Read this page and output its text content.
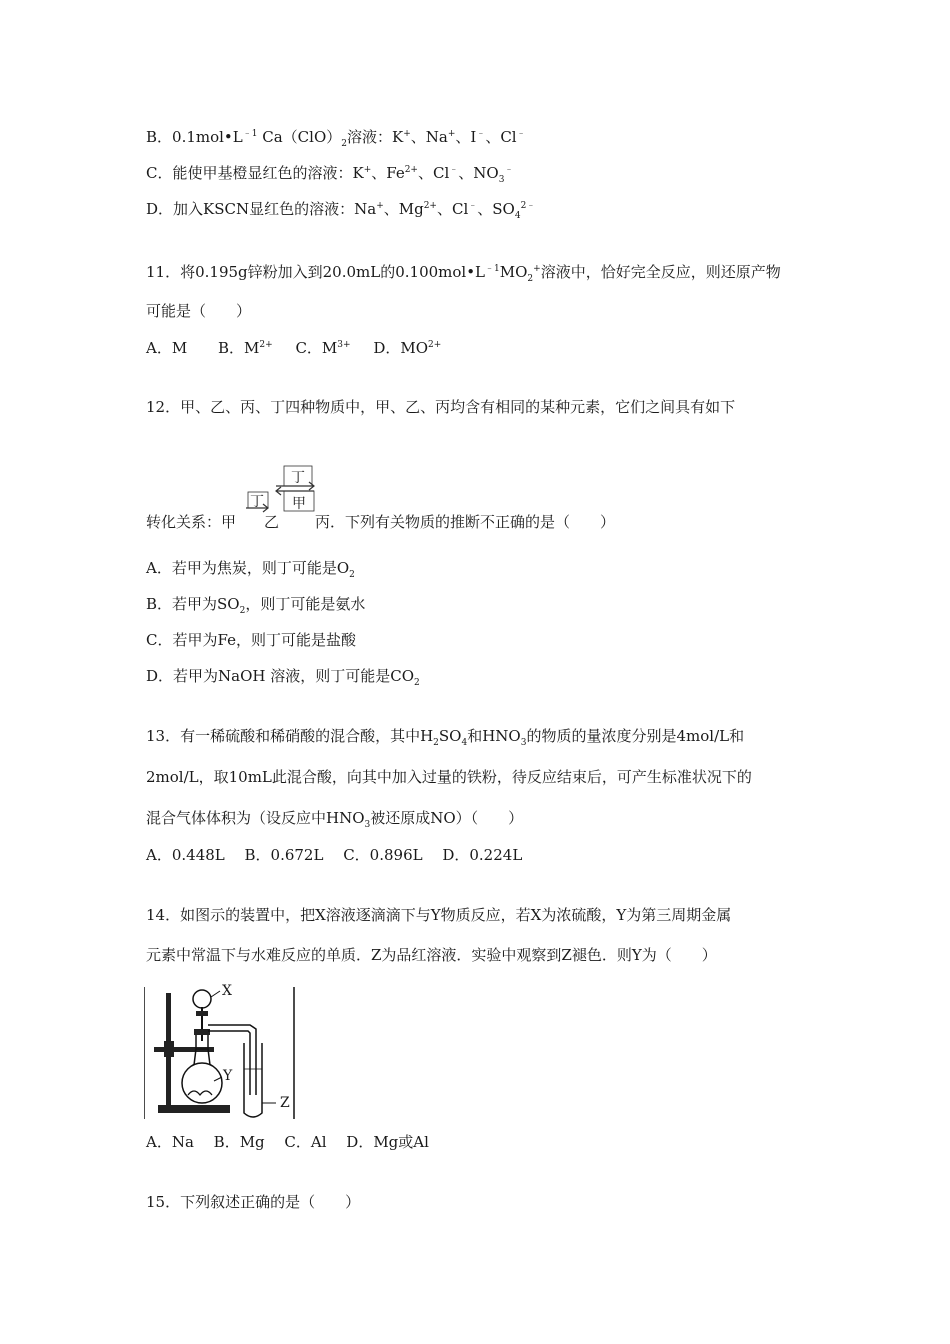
B．$0.1mol•L^{﹣1}$ $Ca(ClO)_2$溶液：K+、Na+、I﹣、Cl﹣
C．能使甲基橙显红色的溶液：K+、$Fe^{2+}$、Cl﹣、$NO_3^﹣$
D．加入KSCN显红色的溶液：Na+、$Mg^{2+}$、Cl﹣、$SO_4^{2﹣}$
11．将0.195g锌粉加入到20.0mL的$0.100mol•L^{﹣1}MO_2^+$溶液中，恰好完全反应，则还原产物
可能是（　　）
A．M B．$M^{2+}$ C．$M^{3+}$ D．$MO^{2+}$
12．甲、乙、丙、丁四种物质中，甲、乙、丙均含有相同的某种元素，它们之间具有如下
丁
丁
甲
转化关系：甲 乙 丙．下列有关物质的推断不正确的是（　　）
A．若甲为焦炭，则丁可能是$O_2$
B．若甲为$SO_2$，则丁可能是氨水
C．若甲为Fe，则丁可能是盐酸
D．若甲为NaOH 溶液，则丁可能是$CO_2$
13．有一稀硫酸和稀硝酸的混合酸，其中$H_2SO_4$和$HNO_3$的物质的量浓度分别是4mol/L和
2mol/L，取10mL此混合酸，向其中加入过量的铁粉，待反应结束后，可产生标准状况下的
混合气体体积为（设反应中$HNO_3$被还原成NO）（　　）
A．0.448L　 B．0.672L　 C．0.896L　 D．0.224L
14．如图示的装置中，把X溶液逐滴滴下与Y物质反应，若X为浓硫酸，Y为第三周期金属
元素中常温下与水难反应的单质．Z为品红溶液．实验中观察到Z褪色．则Y为（　　）
X
Y
Z
A．Na　 B．Mg　 C．Al　 D．Mg或Al
15．下列叙述正确的是（　　）
